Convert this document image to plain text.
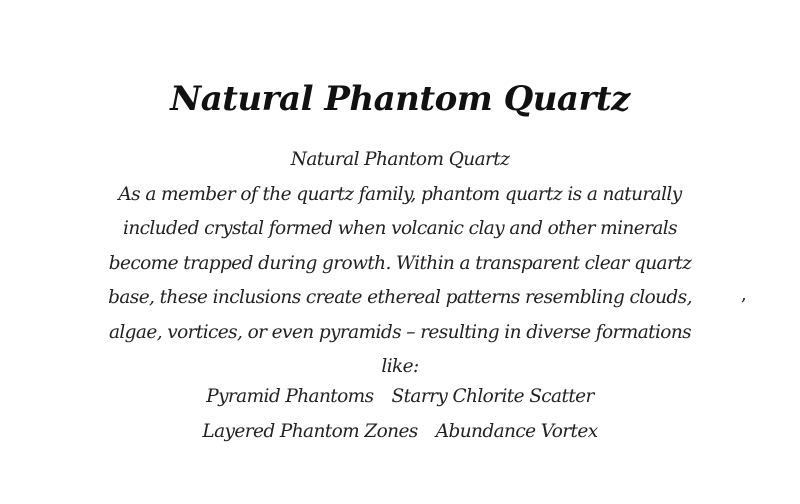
Natural Phantom Quartz
Natural Phantom Quartz
As a member of the quartz family, phantom quartz is a naturally
included crystal formed when volcanic clay and other minerals
become trapped during growth. Within a transparent clear quartz
base, these inclusions create ethereal patterns resembling clouds,
algae, vortices, or even pyramids – resulting in diverse formations
like:
Pyramid Phantoms Starry Chlorite Scatter
Layered Phantom Zones Abundance Vortex
,
